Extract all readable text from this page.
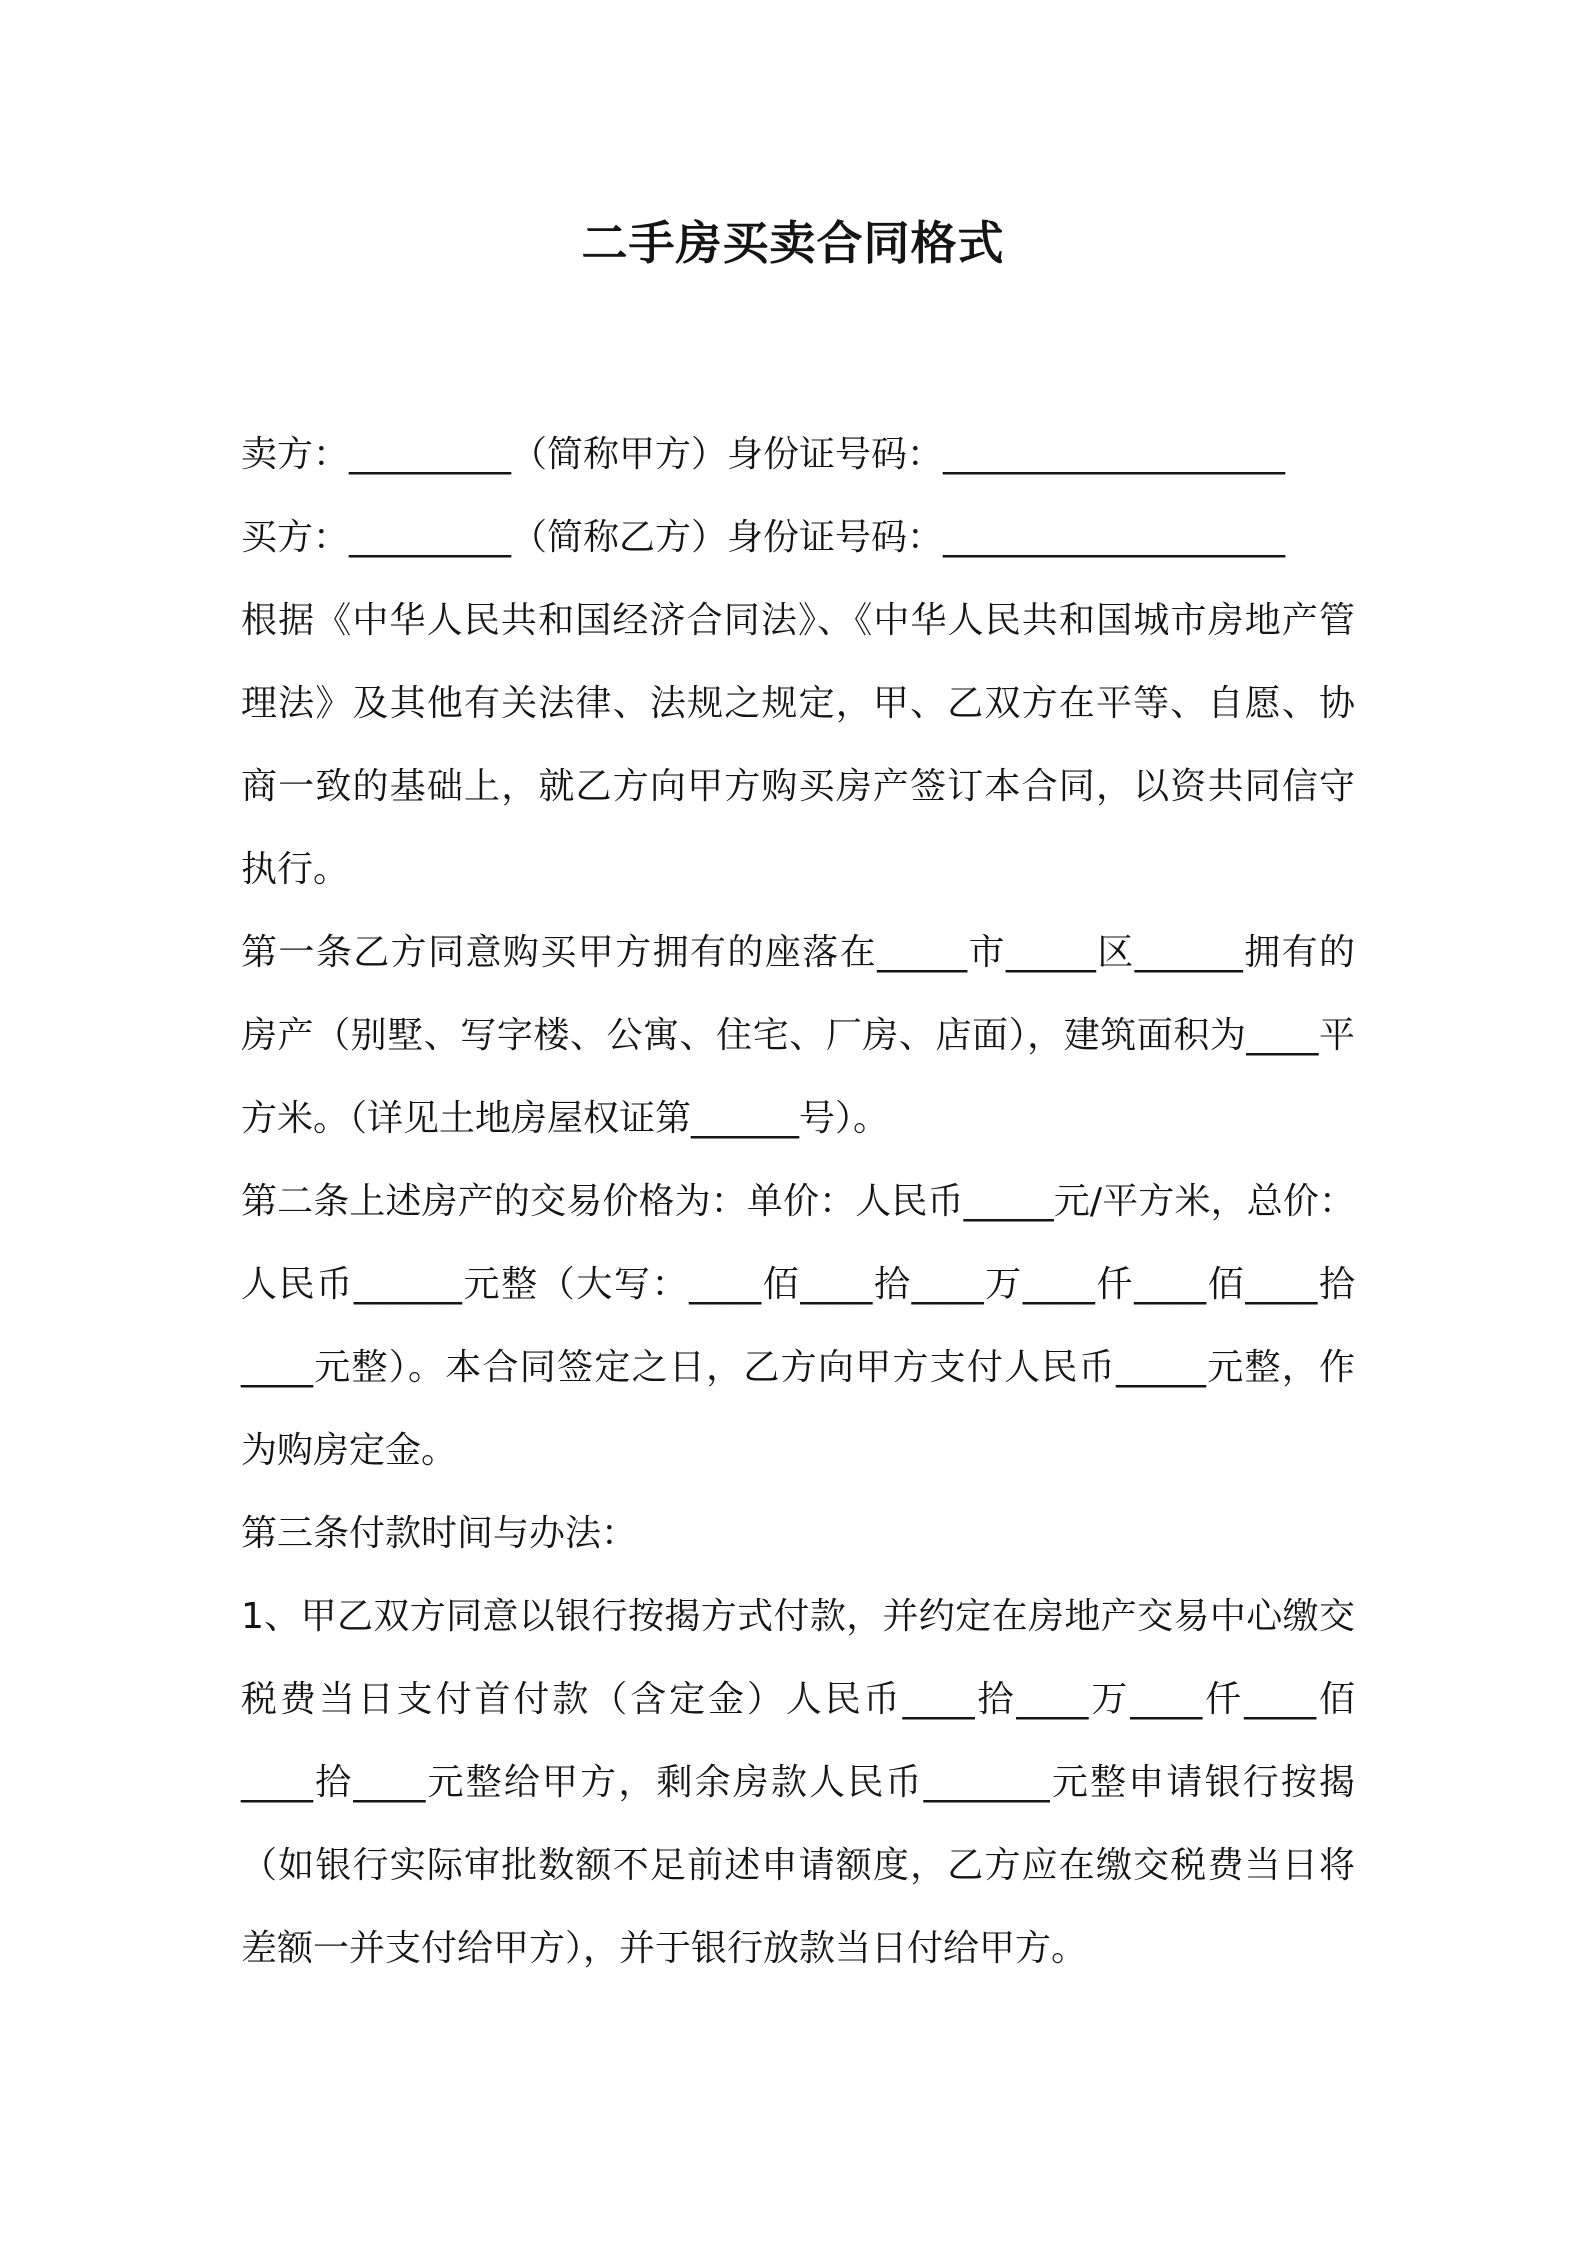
二手房买卖合同格式

卖方：_________（简称甲方）身份证号码：___________________

买方：_________（简称乙方）身份证号码：___________________

根据《中华人民共和国经济合同法》、《中华人民共和国城市房地产管理法》及其他有关法律、法规之规定，甲、乙双方在平等、自愿、协商一致的基础上，就乙方向甲方购买房产签订本合同，以资共同信守执行。

第一条乙方同意购买甲方拥有的座落在_____市_____区______拥有的房产（别墅、写字楼、公寓、住宅、厂房、店面），建筑面积为____平方米。（详见土地房屋权证第______号）。

第二条上述房产的交易价格为：单价：人民币_____元/平方米，总价：人民币______元整（大写：____佰____拾____万____仟____佰____拾____元整）。本合同签定之日，乙方向甲方支付人民币_____元整，作为购房定金。

第三条付款时间与办法：

1、甲乙双方同意以银行按揭方式付款，并约定在房地产交易中心缴交税费当日支付首付款（含定金）人民币____拾____万____仟____佰____拾____元整给甲方，剩余房款人民币_______元整申请银行按揭（如银行实际审批数额不足前述申请额度，乙方应在缴交税费当日将差额一并支付给甲方），并于银行放款当日付给甲方。
